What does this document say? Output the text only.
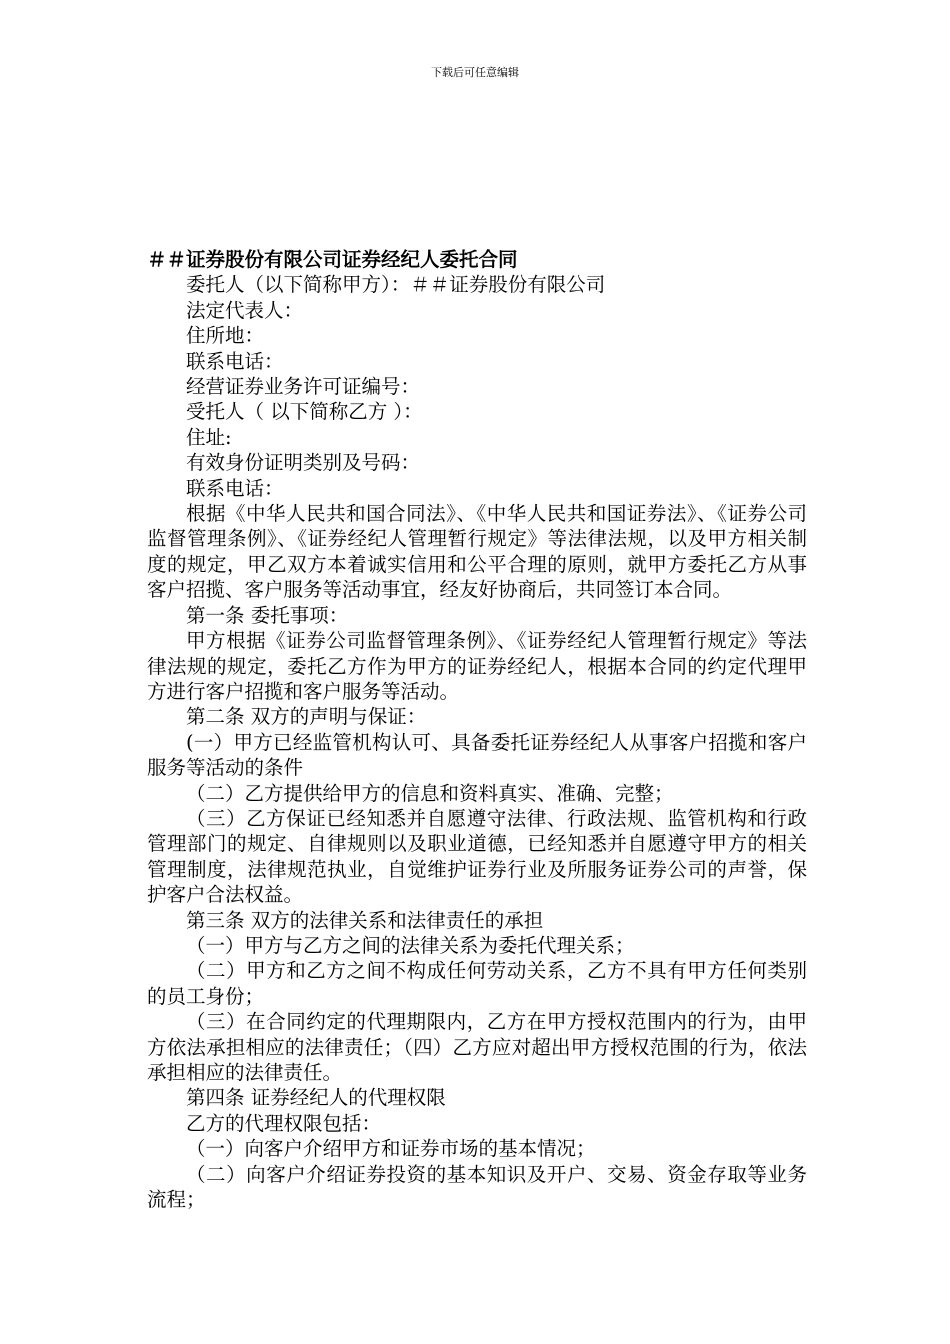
下载后可任意编辑
＃＃证券股份有限公司证券经纪人委托合同

委托人（以下简称甲方）：＃＃证券股份有限公司

法定代表人：

住所地：

联系电话：

经营证券业务许可证编号：

受托人（ 以下简称乙方 ）：

住址:

有效身份证明类别及号码：

联系电话：

根据《中华人民共和国合同法》、《中华人民共和国证券法》、《证券公司监督管理条例》、《证券经纪人管理暂行规定》等法律法规，以及甲方相关制度的规定，甲乙双方本着诚实信用和公平合理的原则，就甲方委托乙方从事客户招揽、客户服务等活动事宜，经友好协商后，共同签订本合同。

第一条 委托事项：

甲方根据《证券公司监督管理条例》、《证券经纪人管理暂行规定》等法律法规的规定，委托乙方作为甲方的证券经纪人，根据本合同的约定代理甲方进行客户招揽和客户服务等活动。

第二条 双方的声明与保证：

(一）甲方已经监管机构认可、具备委托证券经纪人从事客户招揽和客户服务等活动的条件

（二）乙方提供给甲方的信息和资料真实、准确、完整；

（三）乙方保证已经知悉并自愿遵守法律、行政法规、监管机构和行政管理部门的规定、自律规则以及职业道德，已经知悉并自愿遵守甲方的相关管理制度，法律规范执业，自觉维护证券行业及所服务证券公司的声誉，保护客户合法权益。

第三条 双方的法律关系和法律责任的承担

（一）甲方与乙方之间的法律关系为委托代理关系；

（二）甲方和乙方之间不构成任何劳动关系，乙方不具有甲方任何类别的员工身份；

（三）在合同约定的代理期限内，乙方在甲方授权范围内的行为，由甲方依法承担相应的法律责任；（四）乙方应对超出甲方授权范围的行为，依法承担相应的法律责任。

第四条 证券经纪人的代理权限

乙方的代理权限包括：

（一）向客户介绍甲方和证券市场的基本情况；

（二）向客户介绍证券投资的基本知识及开户、交易、资金存取等业务流程；
